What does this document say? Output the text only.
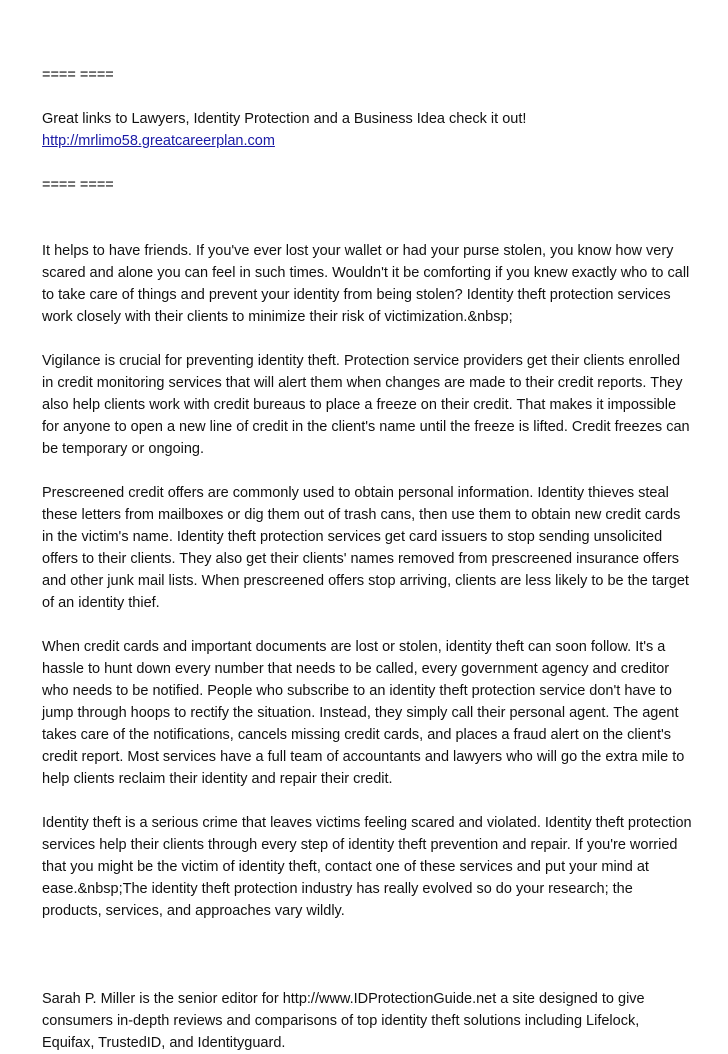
==== ====

Great links to Lawyers, Identity Protection and a Business Idea check it out!

http://mrlimo58.greatcareerplan.com

==== ====

It helps to have friends. If you've ever lost your wallet or had your purse stolen, you know how very scared and alone you can feel in such times. Wouldn't it be comforting if you knew exactly who to call to take care of things and prevent your identity from being stolen? Identity theft protection services work closely with their clients to minimize their risk of victimization.&nbsp;

Vigilance is crucial for preventing identity theft. Protection service providers get their clients enrolled in credit monitoring services that will alert them when changes are made to their credit reports. They also help clients work with credit bureaus to place a freeze on their credit. That makes it impossible for anyone to open a new line of credit in the client's name until the freeze is lifted. Credit freezes can be temporary or ongoing.

Prescreened credit offers are commonly used to obtain personal information. Identity thieves steal these letters from mailboxes or dig them out of trash cans, then use them to obtain new credit cards in the victim's name. Identity theft protection services get card issuers to stop sending unsolicited offers to their clients. They also get their clients' names removed from prescreened insurance offers and other junk mail lists. When prescreened offers stop arriving, clients are less likely to be the target of an identity thief.

When credit cards and important documents are lost or stolen, identity theft can soon follow. It's a hassle to hunt down every number that needs to be called, every government agency and creditor who needs to be notified. People who subscribe to an identity theft protection service don't have to jump through hoops to rectify the situation. Instead, they simply call their personal agent. The agent takes care of the notifications, cancels missing credit cards, and places a fraud alert on the client's credit report. Most services have a full team of accountants and lawyers who will go the extra mile to help clients reclaim their identity and repair their credit.

Identity theft is a serious crime that leaves victims feeling scared and violated. Identity theft protection services help their clients through every step of identity theft prevention and repair. If you're worried that you might be the victim of identity theft, contact one of these services and put your mind at ease.&nbsp;The identity theft protection industry has really evolved so do your research; the products, services, and approaches vary wildly.

Sarah P. Miller is the senior editor for http://www.IDProtectionGuide.net a site designed to give consumers in-depth reviews and comparisons of top identity theft solutions including Lifelock, Equifax, TrustedID, and Identityguard.
